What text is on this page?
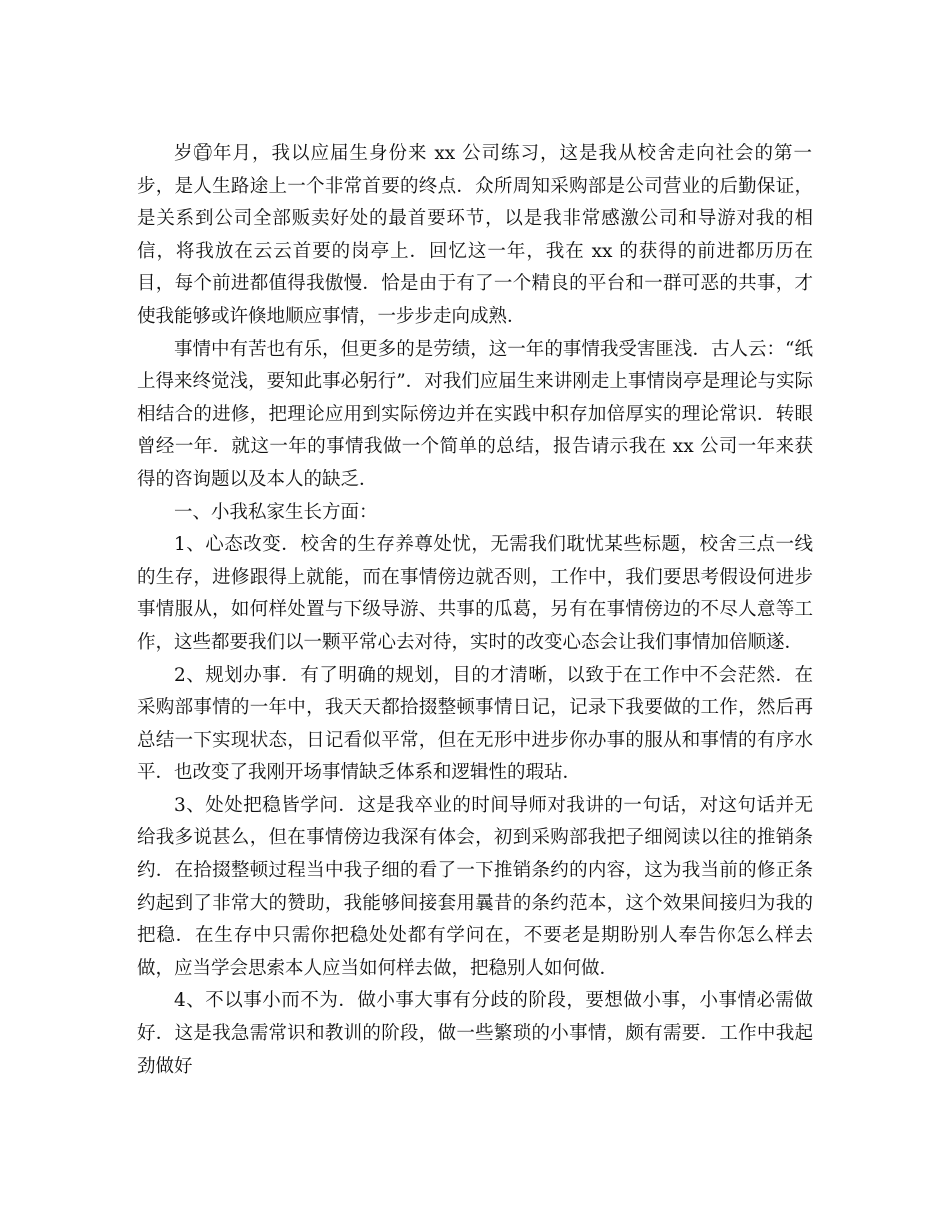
岁首⃝年月，我以应届生身份来 xx 公司练习，这是我从校舍走向社会的第一步，是人生路途上一个非常首要的终点．众所周知采购部是公司营业的后勤保证，是关系到公司全部贩卖好处的最首要环节，以是我非常感激公司和导游对我的相信，将我放在云云首要的岗亭上．回忆这一年，我在 xx 的获得的前进都历历在目，每个前进都值得我傲慢．恰是由于有了一个精良的平台和一群可恶的共事，才使我能够或许倏地顺应事情，一步步走向成熟．

事情中有苦也有乐，但更多的是劳绩，这一年的事情我受害匪浅．古人云：“纸上得来终觉浅，要知此事必躬行”．对我们应届生来讲刚走上事情岗亭是理论与实际相结合的进修，把理论应用到实际傍边并在实践中积存加倍厚实的理论常识．转眼曾经一年．就这一年的事情我做一个简单的总结，报告请示我在 xx 公司一年来获得的咨询题以及本人的缺乏．

一、小我私家生长方面：

1、心态改变．校舍的生存养尊处忧，无需我们耽忧某些标题，校舍三点一线的生存，进修跟得上就能，而在事情傍边就否则，工作中，我们要思考假设何进步事情服从，如何样处置与下级导游、共事的瓜葛，另有在事情傍边的不尽人意等工作，这些都要我们以一颗平常心去对待，实时的改变心态会让我们事情加倍顺遂．

2、规划办事．有了明确的规划，目的才清晰，以致于在工作中不会茫然．在采购部事情的一年中，我天天都拾掇整顿事情日记，记录下我要做的工作，然后再总结一下实现状态，日记看似平常，但在无形中进步你办事的服从和事情的有序水平．也改变了我刚开场事情缺乏体系和逻辑性的瑕玷．

3、处处把稳皆学问．这是我卒业的时间导师对我讲的一句话，对这句话并无给我多说甚么，但在事情傍边我深有体会，初到采购部我把子细阅读以往的推销条约．在拾掇整顿过程当中我子细的看了一下推销条约的内容，这为我当前的修正条约起到了非常大的赞助，我能够间接套用曩昔的条约范本，这个效果间接归为我的把稳．在生存中只需你把稳处处都有学问在，不要老是期盼别人奉告你怎么样去做，应当学会思索本人应当如何样去做，把稳别人如何做．

4、不以事小而不为．做小事大事有分歧的阶段，要想做小事，小事情必需做好．这是我急需常识和教训的阶段，做一些繁琐的小事情，颇有需要．工作中我起劲做好
